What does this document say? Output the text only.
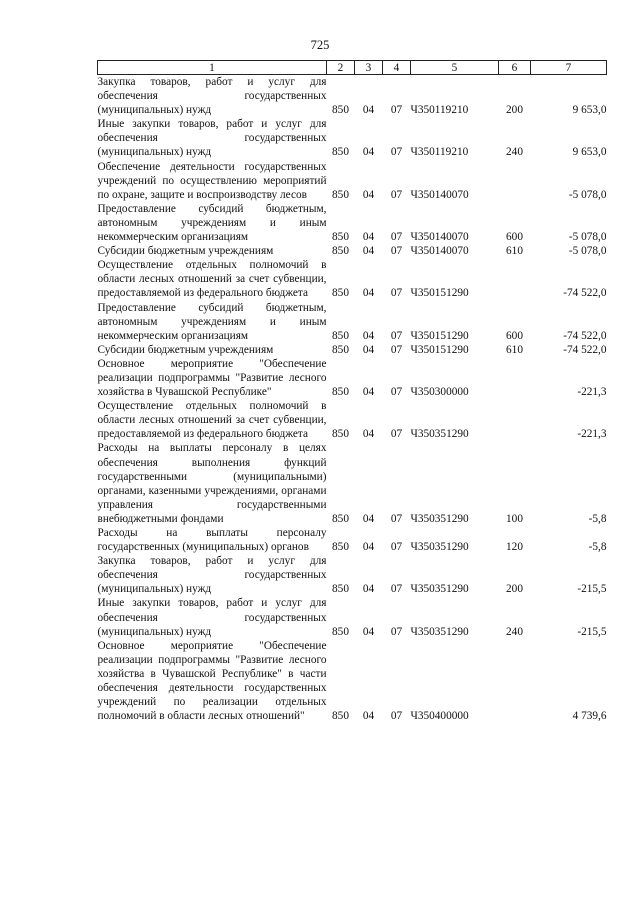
725
1	2	3	4	5	6	7
Закупка товаров, работ и услуг для обеспечения государственных (муниципальных) нужд	850	04	07	Ч350119210	200	9 653,0
Иные закупки товаров, работ и услуг для обеспечения государственных (муниципальных) нужд	850	04	07	Ч350119210	240	9 653,0
Обеспечение деятельности государственных учреждений по осуществлению мероприятий по охране, защите и воспроизводству лесов	850	04	07	Ч350140070		-5 078,0
Предоставление субсидий бюджетным, автономным учреждениям и иным некоммерческим организациям	850	04	07	Ч350140070	600	-5 078,0
Субсидии бюджетным учреждениям	850	04	07	Ч350140070	610	-5 078,0
Осуществление отдельных полномочий в области лесных отношений за счет субвенции, предоставляемой из федерального бюджета	850	04	07	Ч350151290		-74 522,0
Предоставление субсидий бюджетным, автономным учреждениям и иным некоммерческим организациям	850	04	07	Ч350151290	600	-74 522,0
Субсидии бюджетным учреждениям	850	04	07	Ч350151290	610	-74 522,0
Основное мероприятие "Обеспечение реализации подпрограммы "Развитие лесного хозяйства в Чувашской Республике"	850	04	07	Ч350300000		-221,3
Осуществление отдельных полномочий в области лесных отношений за счет субвенции, предоставляемой из федерального бюджета	850	04	07	Ч350351290		-221,3
Расходы на выплаты персоналу в целях обеспечения выполнения функций государственными (муниципальными) органами, казенными учреждениями, органами управления государственными внебюджетными фондами	850	04	07	Ч350351290	100	-5,8
Расходы на выплаты персоналу государственных (муниципальных) органов	850	04	07	Ч350351290	120	-5,8
Закупка товаров, работ и услуг для обеспечения государственных (муниципальных) нужд	850	04	07	Ч350351290	200	-215,5
Иные закупки товаров, работ и услуг для обеспечения государственных (муниципальных) нужд	850	04	07	Ч350351290	240	-215,5
Основное мероприятие "Обеспечение реализации подпрограммы "Развитие лесного хозяйства в Чувашской Республике" в части обеспечения деятельности государственных учреждений по реализации отдельных полномочий в области лесных отношений"	850	04	07	Ч350400000		4 739,6
